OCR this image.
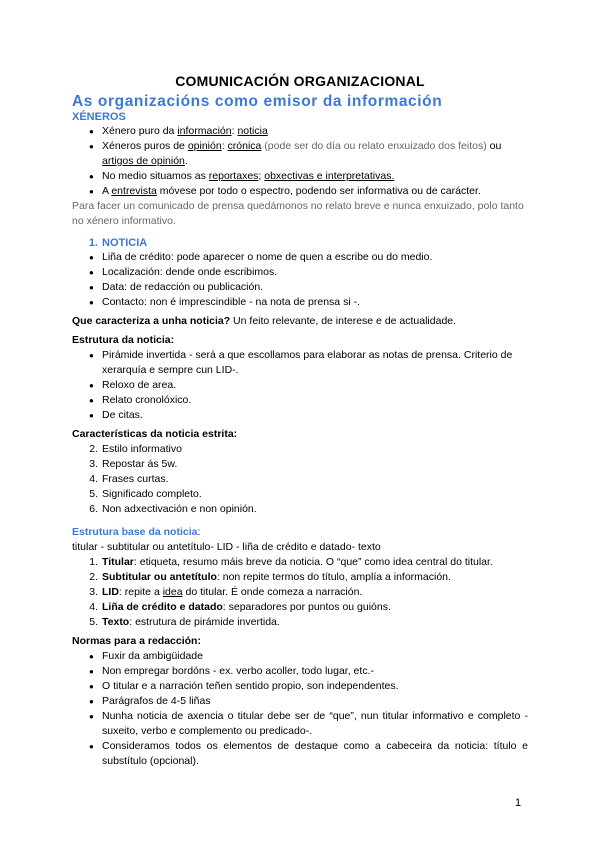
COMUNICACIÓN ORGANIZACIONAL
As organizacións como emisor da información
XÉNEROS
● Xénero puro da información: noticia
● Xéneros puros de opinión: crónica (pode ser do día ou relato enxuizado dos feitos) ou artigos de opinión.
● No medio situamos as reportaxes; obxectivas e interpretativas.
● A entrevista móvese por todo o espectro, podendo ser informativa ou de carácter.
Para facer un comunicado de prensa quedámonos no relato breve e nunca enxuizado, polo tanto no xénero informativo.
1. NOTICIA
● Liña de crédito: pode aparecer o nome de quen a escribe ou do medio.
● Localización: dende onde escribimos.
● Data: de redacción ou publicación.
● Contacto: non é imprescindible - na nota de prensa si -.
Que caracteriza a unha noticia? Un feito relevante, de interese e de actualidade.
Estrutura da noticia:
● Pirámide invertida - será a que escollamos para elaborar as notas de prensa. Criterio de xerarquía e sempre cun LID-.
● Reloxo de area.
● Relato cronolóxico.
● De citas.
Características da noticia estrita:
2. Estilo informativo
3. Repostar ás 5w.
4. Frases curtas.
5. Significado completo.
6. Non adxectivación e non opinión.
Estrutura base da noticia:
titular - subtitular ou antetítulo- LID - liña de crédito e datado- texto
1. Titular: etiqueta, resumo máis breve da noticia. O “que” como idea central do titular.
2. Subtitular ou antetítulo: non repite termos do título, amplía a información.
3. LID: repite a idea do titular. É onde comeza a narración.
4. Liña de crédito e datado: separadores por puntos ou guións.
5. Texto: estrutura de pirámide invertida.
Normas para a redacción:
● Fuxir da ambigüidade
● Non empregar bordóns - ex. verbo acoller, todo lugar, etc.-
● O titular e a narración teñen sentido propio, son independentes.
● Parágrafos de 4-5 liñas
● Nunha noticia de axencia o titular debe ser de “que”, nun titular informativo e completo -suxeito, verbo e complemento ou predicado-.
● Consideramos todos os elementos de destaque como a cabeceira da noticia: título e substítulo (opcional).
1
